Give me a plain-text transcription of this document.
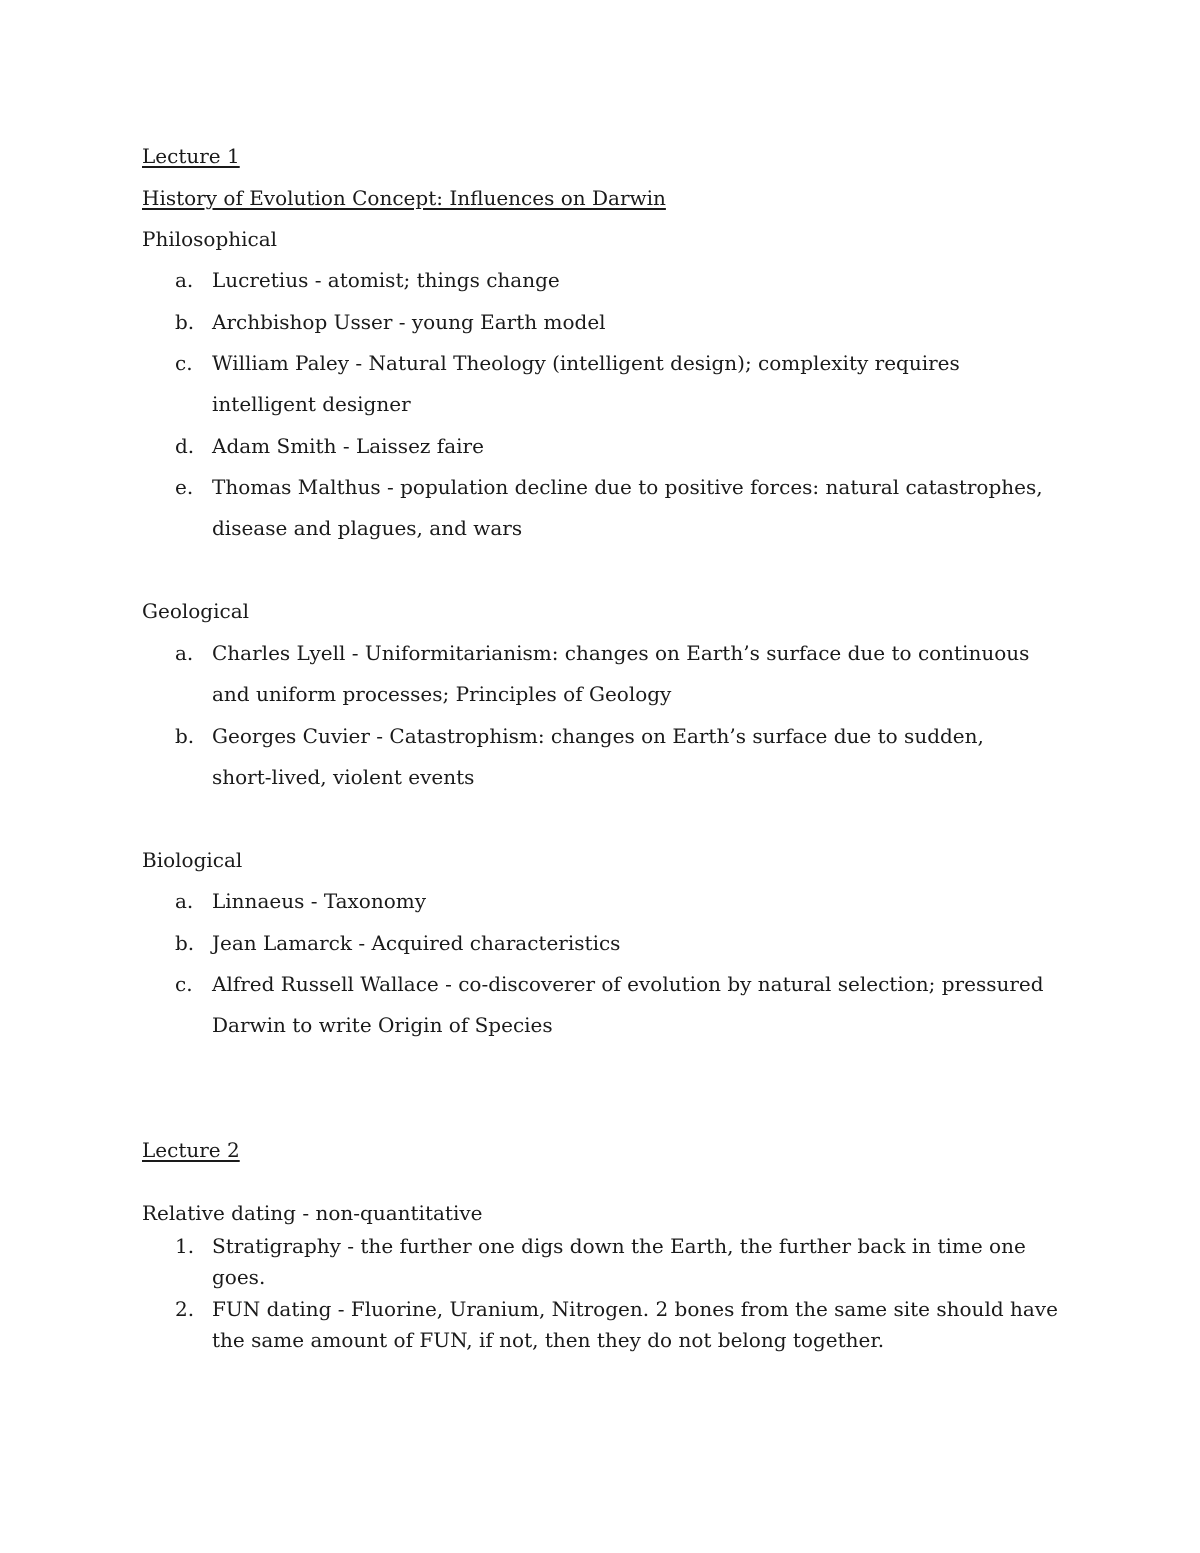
Lecture 1
History of Evolution Concept: Influences on Darwin
Philosophical
a. Lucretius - atomist; things change
b. Archbishop Usser - young Earth model
c. William Paley - Natural Theology (intelligent design); complexity requires
intelligent designer
d. Adam Smith - Laissez faire
e. Thomas Malthus - population decline due to positive forces: natural catastrophes,
disease and plagues, and wars
Geological
a. Charles Lyell - Uniformitarianism: changes on Earth’s surface due to continuous
and uniform processes; Principles of Geology
b. Georges Cuvier - Catastrophism: changes on Earth’s surface due to sudden,
short-lived, violent events
Biological
a. Linnaeus - Taxonomy
b. Jean Lamarck - Acquired characteristics
c. Alfred Russell Wallace - co-discoverer of evolution by natural selection; pressured
Darwin to write Origin of Species
Lecture 2
Relative dating - non-quantitative
1. Stratigraphy - the further one digs down the Earth, the further back in time one
goes.
2. FUN dating - Fluorine, Uranium, Nitrogen. 2 bones from the same site should have
the same amount of FUN, if not, then they do not belong together.
